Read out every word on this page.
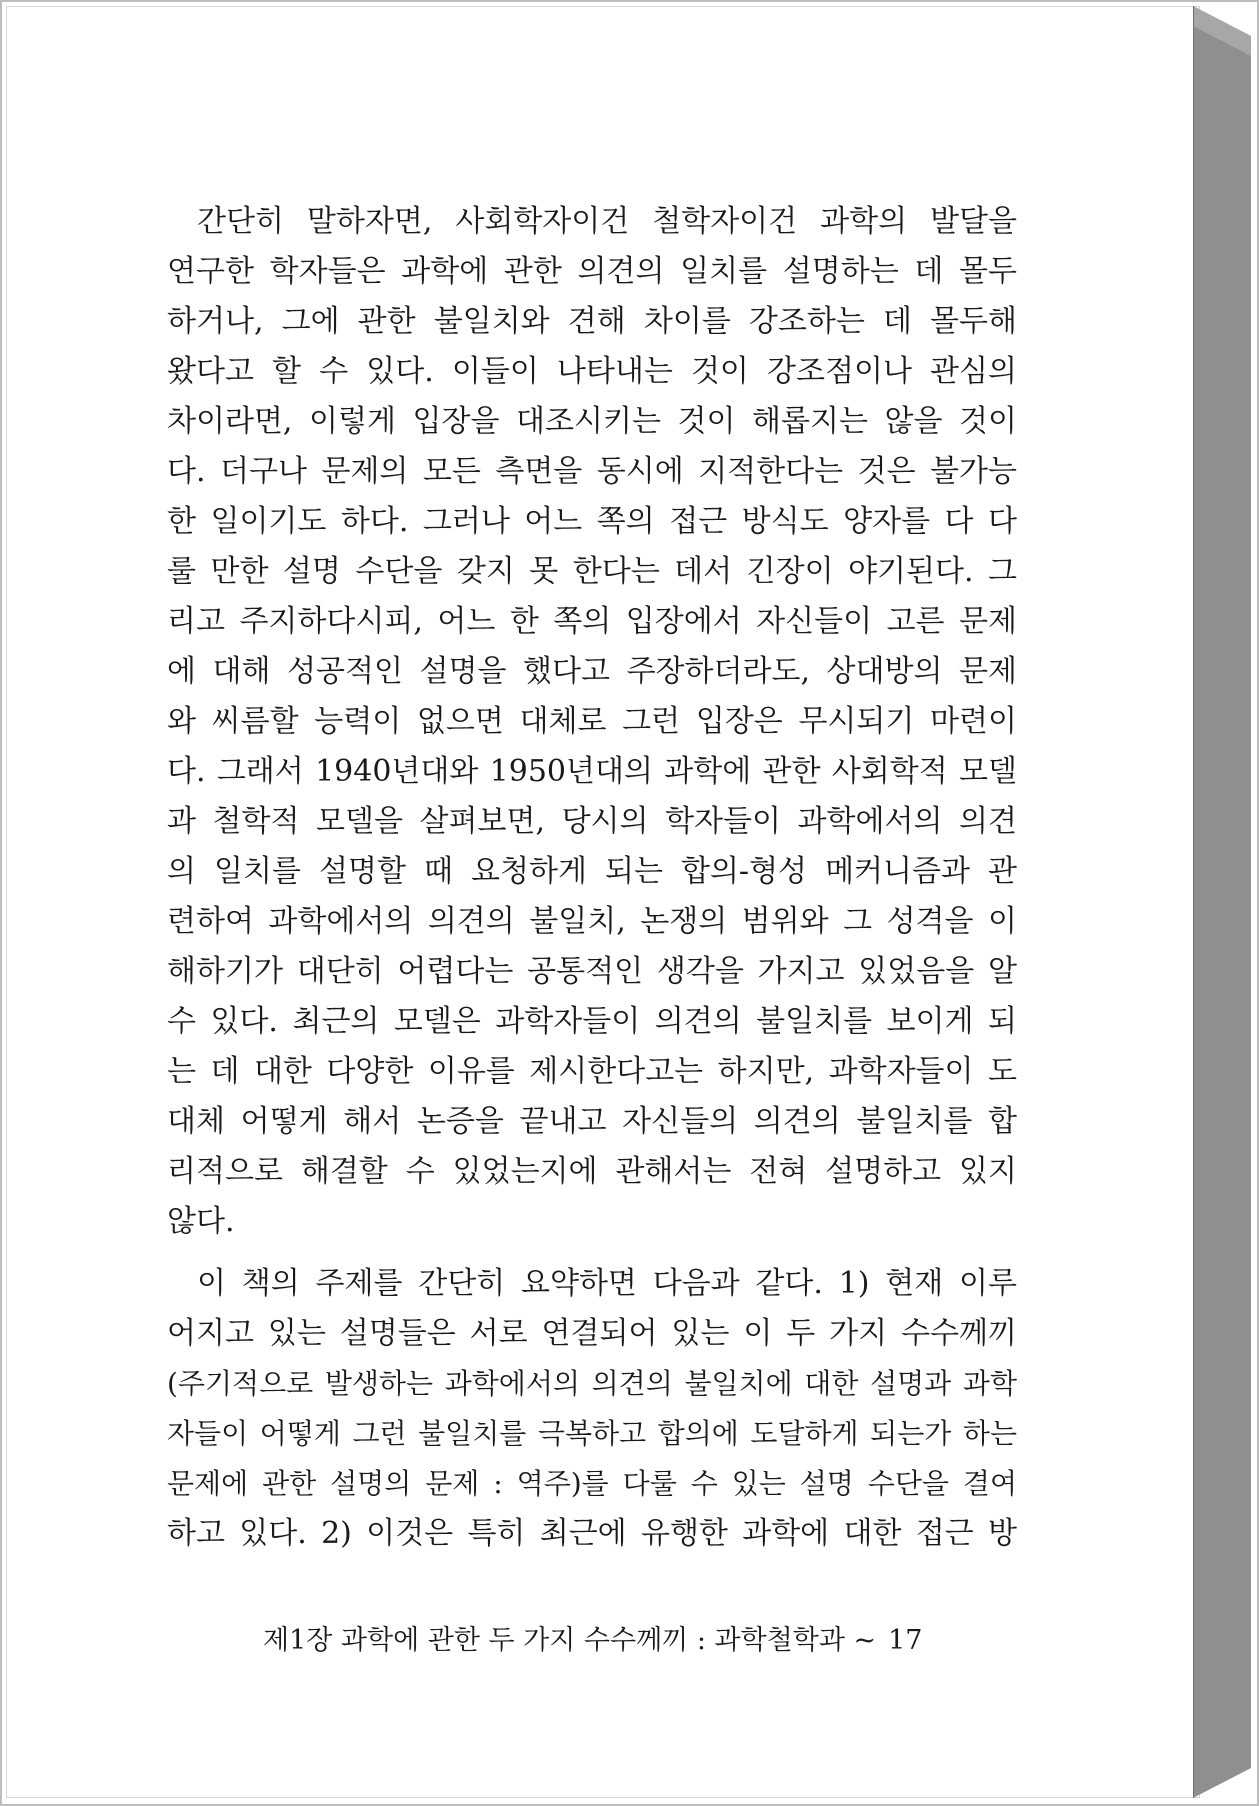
간단히 말하자면, 사회학자이건 철학자이건 과학의 발달을
연구한 학자들은 과학에 관한 의견의 일치를 설명하는 데 몰두
하거나, 그에 관한 불일치와 견해 차이를 강조하는 데 몰두해
왔다고 할 수 있다. 이들이 나타내는 것이 강조점이나 관심의
차이라면, 이렇게 입장을 대조시키는 것이 해롭지는 않을 것이
다. 더구나 문제의 모든 측면을 동시에 지적한다는 것은 불가능
한 일이기도 하다. 그러나 어느 쪽의 접근 방식도 양자를 다 다
룰 만한 설명 수단을 갖지 못 한다는 데서 긴장이 야기된다. 그
리고 주지하다시피, 어느 한 쪽의 입장에서 자신들이 고른 문제
에 대해 성공적인 설명을 했다고 주장하더라도, 상대방의 문제
와 씨름할 능력이 없으면 대체로 그런 입장은 무시되기 마련이
다. 그래서 1940년대와 1950년대의 과학에 관한 사회학적 모델
과 철학적 모델을 살펴보면, 당시의 학자들이 과학에서의 의견
의 일치를 설명할 때 요청하게 되는 합의-형성 메커니즘과 관
련하여 과학에서의 의견의 불일치, 논쟁의 범위와 그 성격을 이
해하기가 대단히 어렵다는 공통적인 생각을 가지고 있었음을 알
수 있다. 최근의 모델은 과학자들이 의견의 불일치를 보이게 되
는 데 대한 다양한 이유를 제시한다고는 하지만, 과학자들이 도
대체 어떻게 해서 논증을 끝내고 자신들의 의견의 불일치를 합
리적으로 해결할 수 있었는지에 관해서는 전혀 설명하고 있지
않다.

이 책의 주제를 간단히 요약하면 다음과 같다. 1) 현재 이루
어지고 있는 설명들은 서로 연결되어 있는 이 두 가지 수수께끼
(주기적으로 발생하는 과학에서의 의견의 불일치에 대한 설명과 과학
자들이 어떻게 그런 불일치를 극복하고 합의에 도달하게 되는가 하는
문제에 관한 설명의 문제 : 역주)를 다룰 수 있는 설명 수단을 결여
하고 있다. 2) 이것은 특히 최근에 유행한 과학에 대한 접근 방

제1장 과학에 관한 두 가지 수수께끼 : 과학철학과 ~ 17
